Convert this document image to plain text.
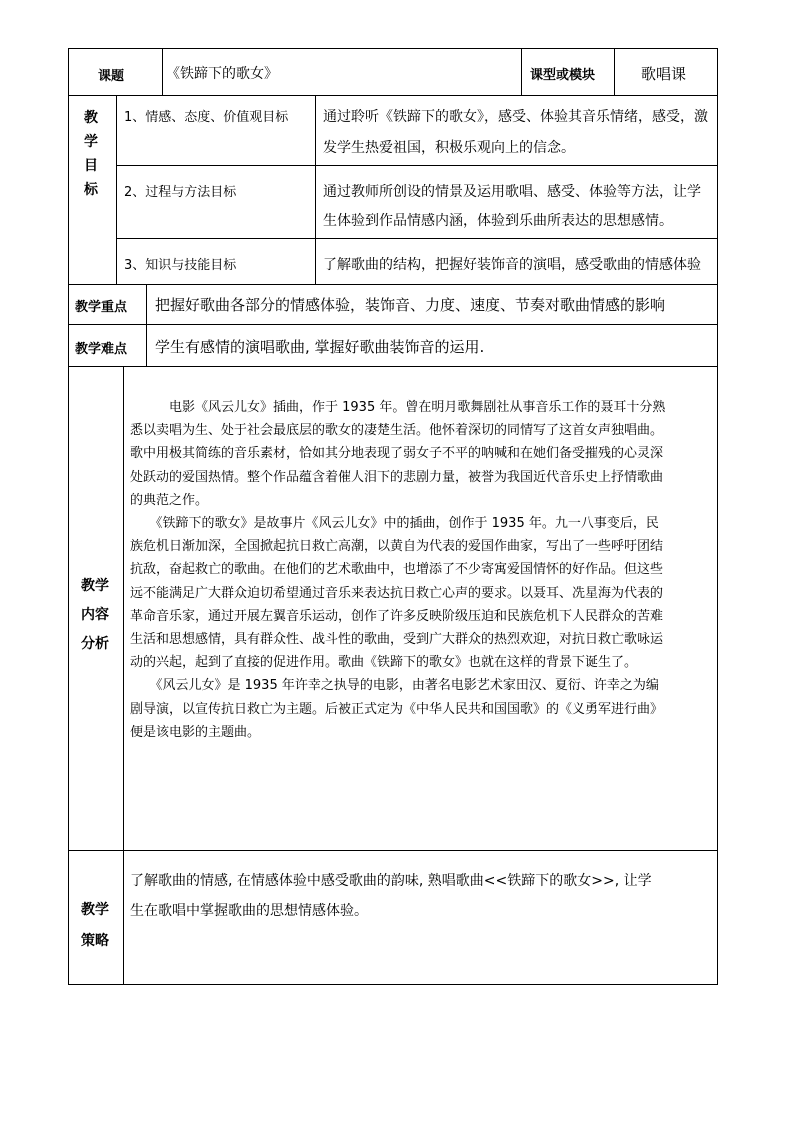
课题	《铁蹄下的歌女》	课型或模块	歌唱课
教
学
目
标
1、情感、态度、价值观目标 通过聆听《铁蹄下的歌女》，感受、体验其音乐情绪，感受，激
发学生热爱祖国，积极乐观向上的信念。
2、过程与方法目标	通过教师所创设的情景及运用歌唱、感受、体验等方法，让学
生体验到作品情感内涵，体验到乐曲所表达的思想感情。
3、知识与技能目标	了解歌曲的结构，把握好装饰音的演唱，感受歌曲的情感体验
教学重点 把握好歌曲各部分的情感体验，装饰音、力度、速度、节奏对歌曲情感的影响
教学难点 学生有感情的演唱歌曲, 掌握好歌曲装饰音的运用.
教学
内容
分析

　　　电影《风云儿女》插曲，作于 1935 年。曾在明月歌舞剧社从事音乐工作的聂耳十分熟

悉以卖唱为生、处于社会最底层的歌女的凄楚生活。他怀着深切的同情写了这首女声独唱曲。

歌中用极其简练的音乐素材，恰如其分地表现了弱女子不平的呐喊和在她们备受摧残的心灵深

处跃动的爱国热情。整个作品蕴含着催人泪下的悲剧力量，被誉为我国近代音乐史上抒情歌曲

的典范之作。

　　《铁蹄下的歌女》是故事片《风云儿女》中的插曲，创作于 1935 年。九一八事变后，民

族危机日渐加深，全国掀起抗日救亡高潮，以黄自为代表的爱国作曲家，写出了一些呼吁团结

抗敌，奋起救亡的歌曲。在他们的艺术歌曲中，也增添了不少寄寓爱国情怀的好作品。但这些

远不能满足广大群众迫切希望通过音乐来表达抗日救亡心声的要求。以聂耳、冼星海为代表的

革命音乐家，通过开展左翼音乐运动，创作了许多反映阶级压迫和民族危机下人民群众的苦难

生活和思想感情，具有群众性、战斗性的歌曲，受到广大群众的热烈欢迎，对抗日救亡歌咏运

动的兴起，起到了直接的促进作用。歌曲《铁蹄下的歌女》也就在这样的背景下诞生了。

　　《风云儿女》是 1935 年许幸之执导的电影，由著名电影艺术家田汉、夏衍、许幸之为编

剧导演，以宣传抗日救亡为主题。后被正式定为《中华人民共和国国歌》的《义勇军进行曲》

便是该电影的主题曲。

教学
策略

了解歌曲的情感, 在情感体验中感受歌曲的韵味, 熟唱歌曲<<铁蹄下的歌女>>, 让学

生在歌唱中掌握歌曲的思想情感体验。
